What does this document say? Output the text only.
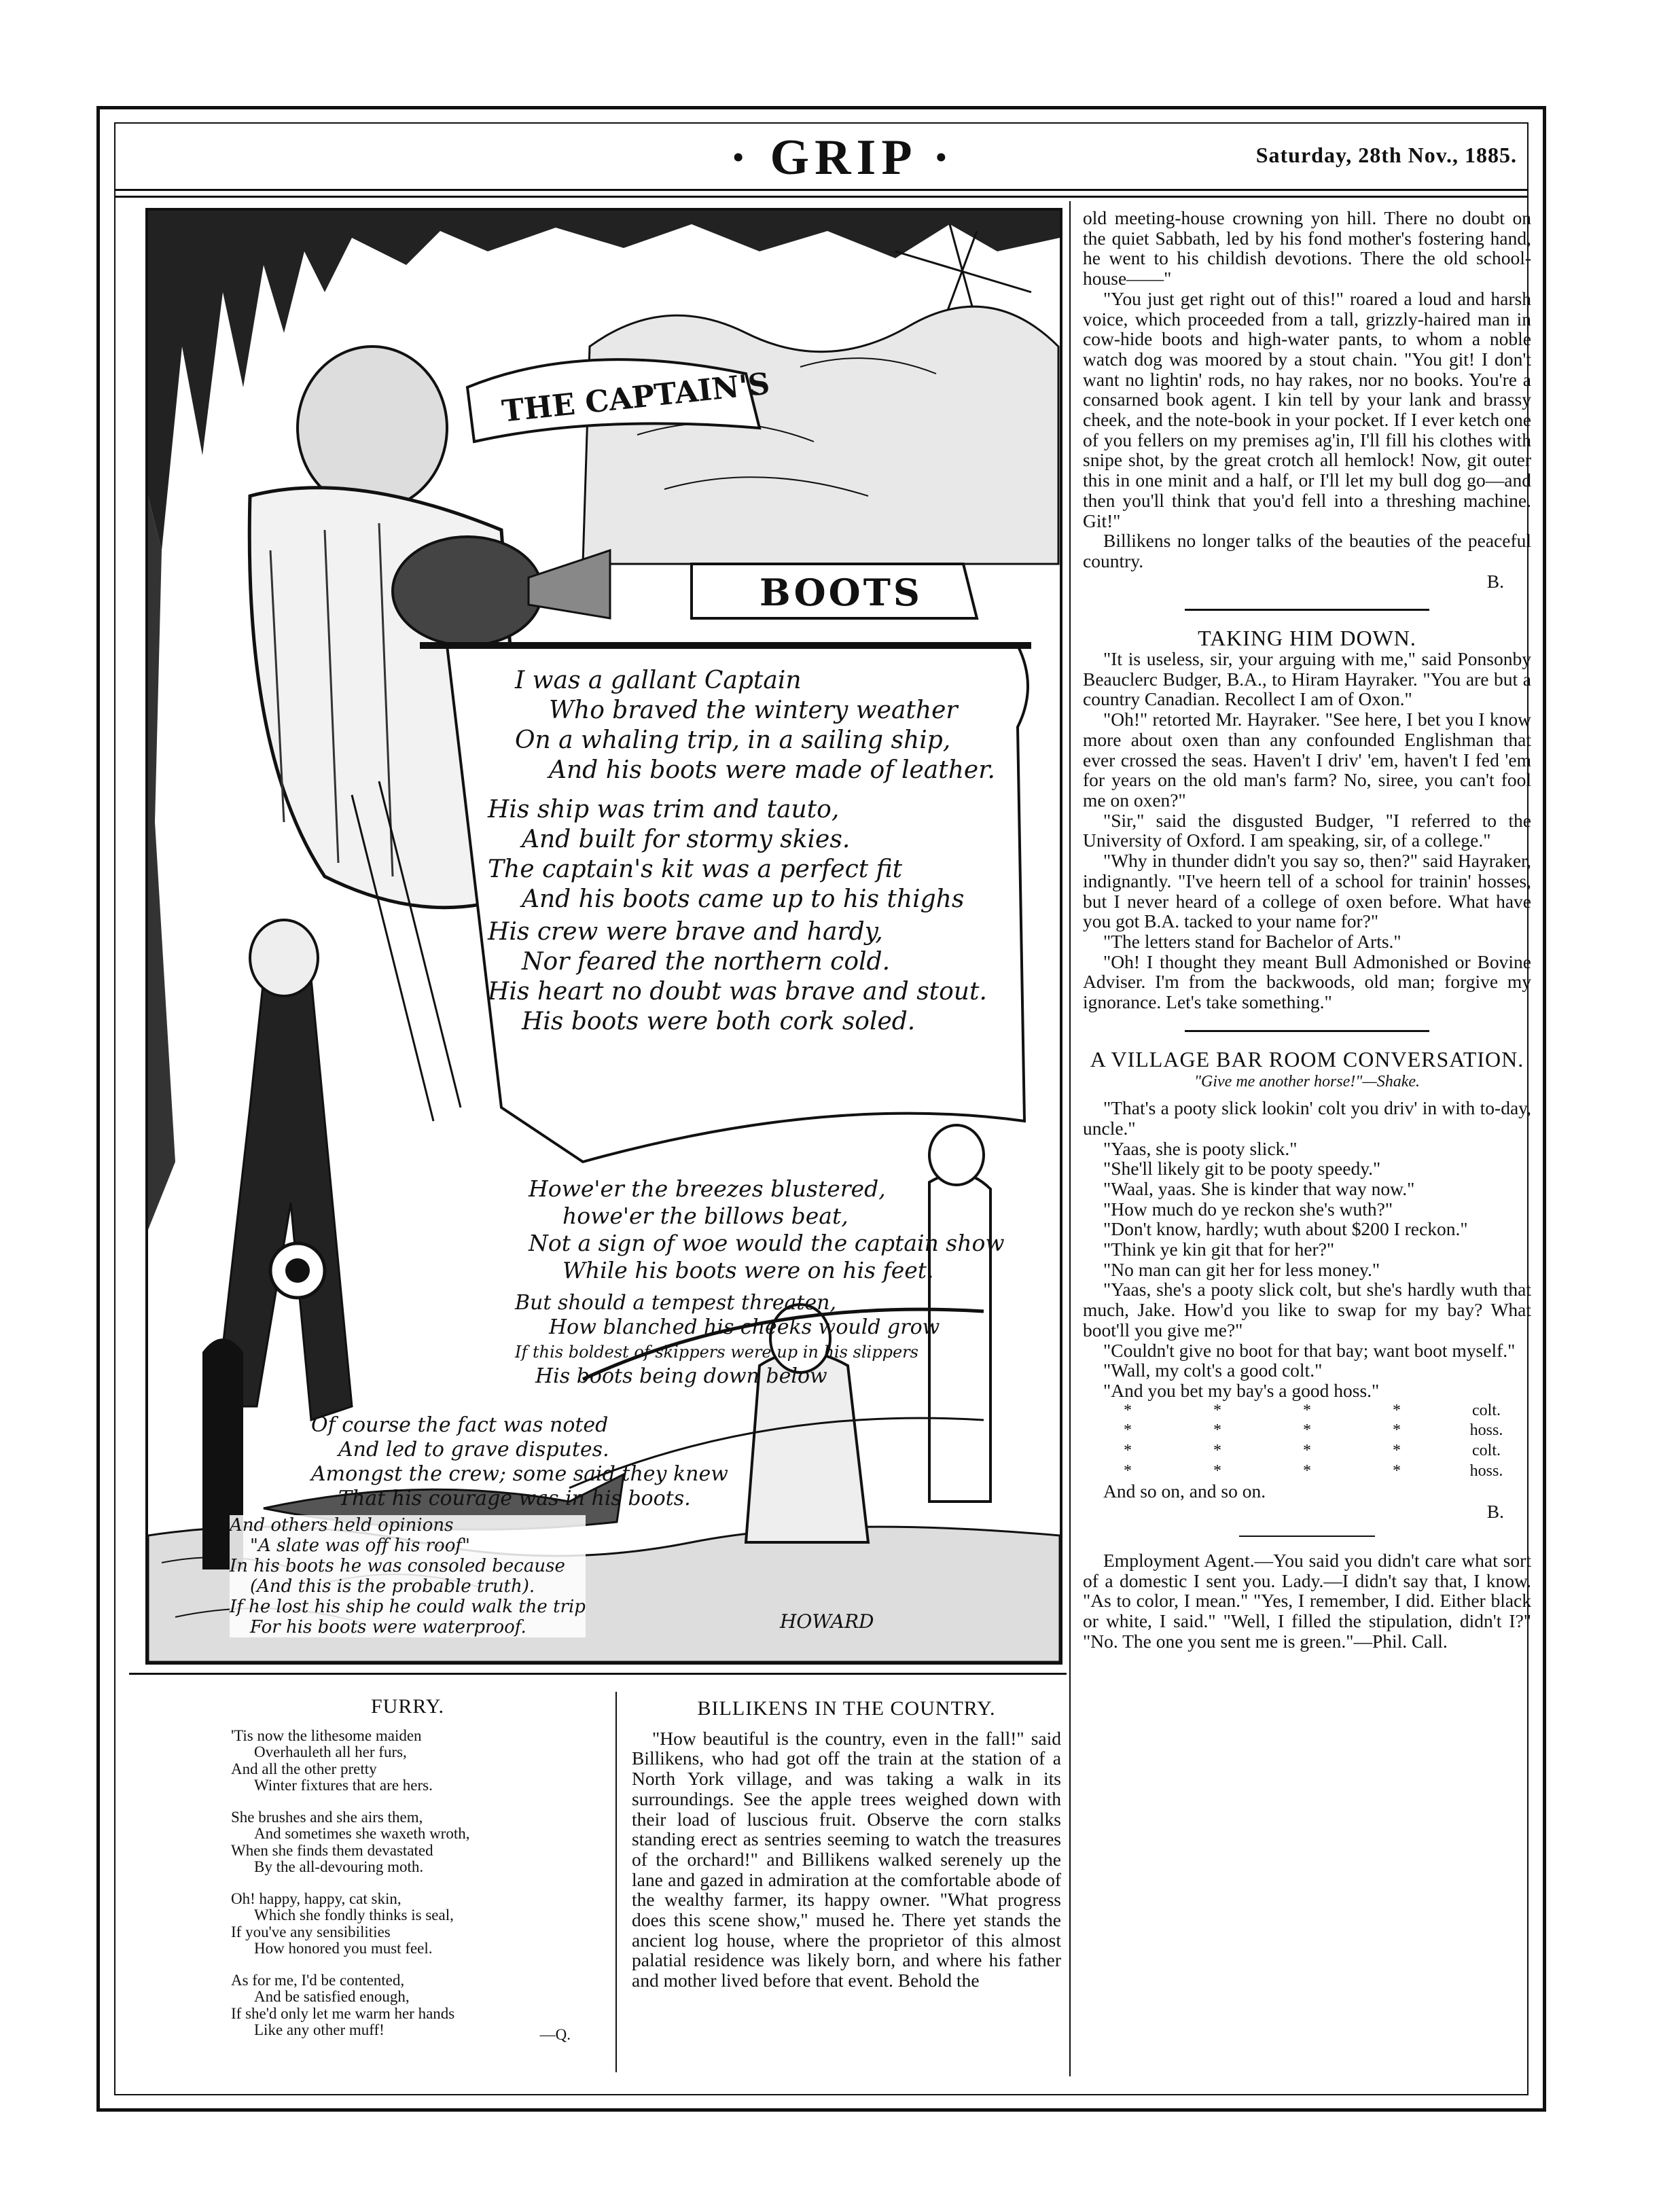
· GRIP ·	Saturday, 28th Nov., 1885.
THE CAPTAIN'S
BOOTS
I was a gallant Captain
Who braved the wintery weather
On a whaling trip, in a sailing ship,
And his boots were made of leather.
His ship was trim and tauto,
And built for stormy skies.
The captain's kit was a perfect fit
And his boots came up to his thighs
His crew were brave and hardy,
Nor feared the northern cold.
His heart no doubt was brave and stout.
His boots were both cork soled.
Howe'er the breezes blustered,
howe'er the billows beat,
Not a sign of woe would the captain show
While his boots were on his feet.
But should a tempest threaten,
How blanched his cheeks would grow
If this boldest of skippers were up in his slippers
His boots being down below
Of course the fact was noted
And led to grave disputes.
Amongst the crew; some said they knew
That his courage was in his boots.
And others held opinions
"A slate was off his roof"
In his boots he was consoled because
(And this is the probable truth).
If he lost his ship he could walk the trip
For his boots were waterproof.	HOWARD

old meeting-house crowning yon hill. There no doubt on the quiet Sabbath, led by his fond mother's fostering hand, he went to his childish devotions. There the old school-house——"

"You just get right out of this!" roared a loud and harsh voice, which proceeded from a tall, grizzly-haired man in cow-hide boots and high-water pants, to whom a noble watch dog was moored by a stout chain. "You git! I don't want no lightin' rods, no hay rakes, nor no books. You're a consarned book agent. I kin tell by your lank and brassy cheek, and the note-book in your pocket. If I ever ketch one of you fellers on my premises ag'in, I'll fill his clothes with snipe shot, by the great crotch all hemlock! Now, git outer this in one minit and a half, or I'll let my bull dog go—and then you'll think that you'd fell into a threshing machine. Git!"

Billikens no longer talks of the beauties of the peaceful country.

B.
TAKING HIM DOWN.

"It is useless, sir, your arguing with me," said Ponsonby Beauclerc Budger, B.A., to Hiram Hayraker. "You are but a country Canadian. Recollect I am of Oxon."

"Oh!" retorted Mr. Hayraker. "See here, I bet you I know more about oxen than any confounded Englishman that ever crossed the seas. Haven't I driv' 'em, haven't I fed 'em for years on the old man's farm? No, siree, you can't fool me on oxen?"

"Sir," said the disgusted Budger, "I referred to the University of Oxford. I am speaking, sir, of a college."

"Why in thunder didn't you say so, then?" said Hayraker, indignantly. "I've heern tell of a school for trainin' hosses, but I never heard of a college of oxen before. What have you got B.A. tacked to your name for?"

"The letters stand for Bachelor of Arts."

"Oh! I thought they meant Bull Admonished or Bovine Adviser. I'm from the backwoods, old man; forgive my ignorance. Let's take something."

A VILLAGE BAR ROOM CONVERSATION.
"Give me another horse!"—Shake.

"That's a pooty slick lookin' colt you driv' in with to-day, uncle."

"Yaas, she is pooty slick."

"She'll likely git to be pooty speedy."

"Waal, yaas. She is kinder that way now."

"How much do ye reckon she's wuth?"

"Don't know, hardly; wuth about $200 I reckon."

"Think ye kin git that for her?"

"No man can git her for less money."

"Yaas, she's a pooty slick colt, but she's hardly wuth that much, Jake. How'd you like to swap for my bay? What boot'll you give me?"

"Couldn't give no boot for that bay; want boot myself."

"Wall, my colt's a good colt."

"And you bet my bay's a good hoss."

*	*	*	*	colt.
*	*	*	*	hoss.
*	*	*	*	colt.
*	*	*	*	hoss.

And so on, and so on.

B.

Employment Agent.—You said you didn't care what sort of a domestic I sent you. Lady.—I didn't say that, I know. "As to color, I mean." "Yes, I remember, I did. Either black or white, I said." "Well, I filled the stipulation, didn't I?" "No. The one you sent me is green."—Phil. Call.

FURRY.
'Tis now the lithesome maiden
Overhauleth all her furs,
And all the other pretty
Winter fixtures that are hers.
She brushes and she airs them,
And sometimes she waxeth wroth,
When she finds them devastated
By the all-devouring moth.
Oh! happy, happy, cat skin,
Which she fondly thinks is seal,
If you've any sensibilities
How honored you must feel.
As for me, I'd be contented,
And be satisfied enough,
If she'd only let me warm her hands
Like any other muff!	—Q.
BILLIKENS IN THE COUNTRY.

"How beautiful is the country, even in the fall!" said Billikens, who had got off the train at the station of a North York village, and was taking a walk in its surroundings. See the apple trees weighed down with their load of luscious fruit. Observe the corn stalks standing erect as sentries seeming to watch the treasures of the orchard!" and Billikens walked serenely up the lane and gazed in admiration at the comfortable abode of the wealthy farmer, its happy owner. "What progress does this scene show," mused he. There yet stands the ancient log house, where the proprietor of this almost palatial residence was likely born, and where his father and mother lived before that event. Behold the
